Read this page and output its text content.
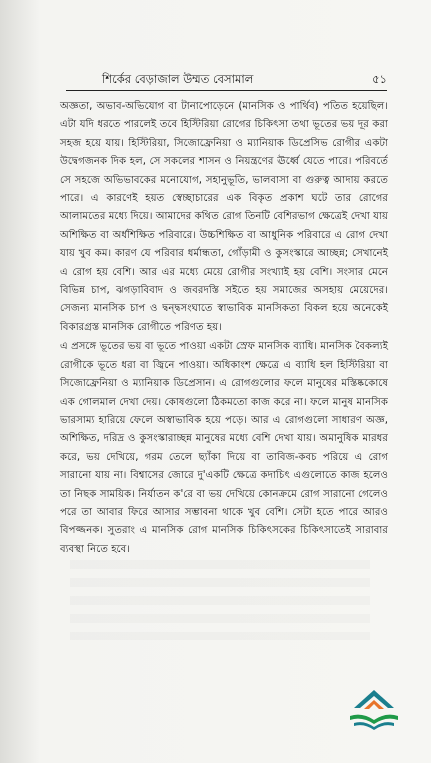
শির্কের বেড়াজাল উম্মত বেসামাল	৫১

অজ্ঞতা, অভাব-অভিযোগ বা টানাপোড়েনে (মানসিক ও পার্থিব) পতিত হয়েছিল। এটা যদি ধরতে পারলেই তবে হিস্টিরিয়া রোগের চিকিৎসা তথা ভূতের ভয় দূর করা সহজ হয়ে যায়। হিস্টিরিয়া, সিজোফ্রেনিয়া ও ম্যানিয়াক ডিপ্রেসিভ রোগীর একটা উদ্বেগজনক দিক হল, সে সকলের শাসন ও নিয়ন্ত্রণের ঊর্ধ্বে যেতে পারে। পরিবর্তে সে সহজে অভিভাবকের মনোযোগ, সহানুভূতি, ভালবাসা বা গুরুত্ব আদায় করতে পারে। এ কারণেই হয়ত স্বেচ্ছাচারের এক বিকৃত প্রকাশ ঘটে তার রোগের আলামতের মধ্যে দিয়ে। আমাদের কথিত রোগ তিনটি বেশিরভাগ ক্ষেত্রেই দেখা যায় অশিক্ষিত বা অর্ধশিক্ষিত পরিবারে। উচ্চশিক্ষিত বা আধুনিক পরিবারে এ রোগ দেখা যায় খুব কম। কারণ যে পরিবার ধর্মান্ধতা, গোঁড়ামী ও কুসংস্কারে আচ্ছন্ন; সেখানেই এ রোগ হয় বেশি। আর এর মধ্যে মেয়ে রোগীর সংখ্যাই হয় বেশি। সংসার মেনে বিভিন্ন চাপ, ঝগড়াবিবাদ ও জবরদস্তি সইতে হয় সমাজের অসহায় মেয়েদের। সেজন্য মানসিক চাপ ও দ্বন্দ্বসংঘাতে স্বাভাবিক মানসিকতা বিকল হয়ে অনেকেই বিকারগ্রস্ত মানসিক রোগীতে পরিণত হয়।

এ প্রসঙ্গে ভূতের ভয় বা ভূতে পাওয়া একটা স্রেফ মানসিক ব্যাধি। মানসিক বৈকল্যই রোগীকে ভূতে ধরা বা জ্বিনে পাওয়া। অধিকাংশ ক্ষেত্রে এ ব্যাধি হল হিস্টিরিয়া বা সিজোফ্রেনিয়া ও ম্যানিয়াক ডিপ্রেসান। এ রোগগুলোর ফলে মানুষের মস্তিষ্ককোষে এক গোলমাল দেখা দেয়। কোষগুলো ঠিকমতো কাজ করে না। ফলে মানুষ মানসিক ভারসাম্য হারিয়ে ফেলে অস্বাভাবিক হয়ে পড়ে। আর এ রোগগুলো সাধারণ অজ্ঞ, অশিক্ষিত, দরিদ্র ও কুসংস্কারাচ্ছন্ন মানুষের মধ্যে বেশি দেখা যায়। অমানুষিক মারধর করে, ভয় দেখিয়ে, গরম তেলে ছ্যাঁকা দিয়ে বা তাবিজ-কবচ পরিয়ে এ রোগ সারানো যায় না। বিশ্বাসের জোরে দু'একটি ক্ষেত্রে কদাচিৎ এগুলোতে কাজ হলেও তা নিছক সাময়িক। নির্যাতন ক'রে বা ভয় দেখিয়ে কোনক্রমে রোগ সারানো গেলেও পরে তা আবার ফিরে আসার সম্ভাবনা থাকে খুব বেশি। সেটা হতে পারে আরও বিপজ্জনক। সুতরাং এ মানসিক রোগ মানসিক চিকিৎসকের চিকিৎসাতেই সারাবার ব্যবস্থা নিতে হবে।
